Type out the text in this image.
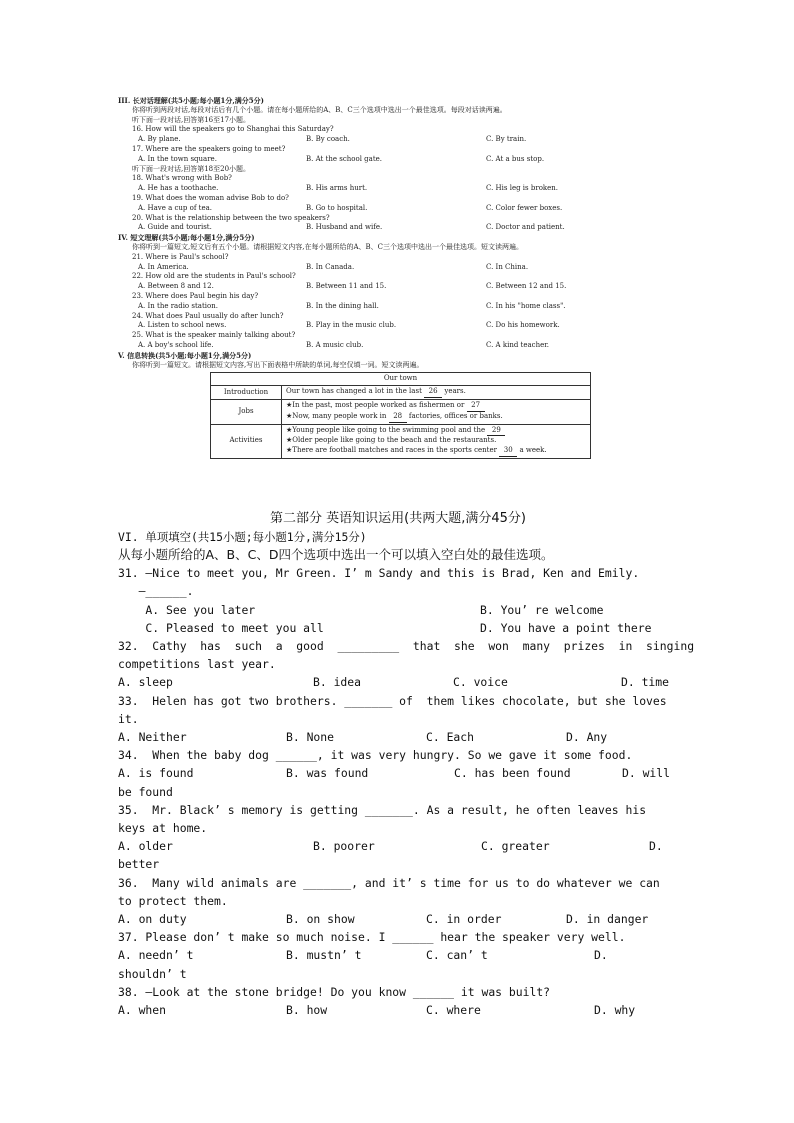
III. 长对话理解(共5小题;每小题1分,满分5分)
你将听到两段对话,每段对话后有几个小题。请在每小题所给的A、B、C三个选项中选出一个最佳选项。每段对话读两遍。
听下面一段对话,回答第16至17小题。
16. How will the speakers go to Shanghai this Saturday?
A. By plane.	B. By coach.	C. By train.
17. Where are the speakers going to meet?
A. In the town square.	B. At the school gate.	C. At a bus stop.
听下面一段对话,回答第18至20小题。
18. What's wrong with Bob?
A. He has a toothache.	B. His arms hurt.	C. His leg is broken.
19. What does the woman advise Bob to do?
A. Have a cup of tea.	B. Go to hospital.	C. Color fewer boxes.
20. What is the relationship between the two speakers?
A. Guide and tourist.	B. Husband and wife.	C. Doctor and patient.
IV. 短文理解(共5小题;每小题1分,满分5分)
你将听到一篇短文,短文后有五个小题。请根据短文内容,在每小题所给的A、B、C三个选项中选出一个最佳选项。短文读两遍。
21. Where is Paul's school?
A. In America.	B. In Canada.	C. In China.
22. How old are the students in Paul's school?
A. Between 8 and 12.	B. Between 11 and 15.	C. Between 12 and 15.
23. Where does Paul begin his day?
A. In the radio station.	B. In the dining hall.	C. In his "home class".
24. What does Paul usually do after lunch?
A. Listen to school news.	B. Play in the music club.	C. Do his homework.
25. What is the speaker mainly talking about?
A. A boy's school life.	B. A music club.	C. A kind teacher.
V. 信息转换(共5小题;每小题1分,满分5分)
你将听到一篇短文。请根据短文内容,写出下面表格中所缺的单词,每空仅填一词。短文读两遍。
Our town	
Introduction	Our town has changed a lot in the last 26 years.
Jobs	★In the past, most people worked as fishermen or 27
★Now, many people work in 28 factories, offices or banks.

Activities	★Young people like going to the swimming pool and the 29
★Older people like going to the beach and the restaurants.
★There are football matches and races in the sports center 30 a week.
第二部分 英语知识运用(共两大题,满分45分)
VI. 单项填空(共15小题;每小题1分,满分15分)
从每小题所给的A、B、C、D四个选项中选出一个可以填入空白处的最佳选项。
31. —Nice to meet you, Mr Green. I’ m Sandy and this is Brad, Ken and Emily.
—______.
A. See you later	B. You’ re welcome
C. Pleased to meet you all	D. You have a point there
32.  Cathy  has  such  a  good  _________  that  she  won  many  prizes  in  singing
competitions last year.
A. sleep	B. idea	C. voice	D. time
33.  Helen has got two brothers. _______ of  them likes chocolate, but she loves
it.
A. Neither	B. None	C. Each	D. Any
34.  When the baby dog ______, it was very hungry. So we gave it some food.
A. is found	B. was found	C. has been found	D. will
be found
35.  Mr. Black’ s memory is getting _______. As a result, he often leaves his
keys at home.
A. older	B. poorer	C. greater	D.
better
36.  Many wild animals are _______, and it’ s time for us to do whatever we can
to protect them.
A. on duty	B. on show	C. in order	D. in danger
37. Please don’ t make so much noise. I ______ hear the speaker very well.
A. needn’ t	B. mustn’ t	C. can’ t	D.
shouldn’ t
38. —Look at the stone bridge! Do you know ______ it was built?
A. when	B. how	C. where	D. why
